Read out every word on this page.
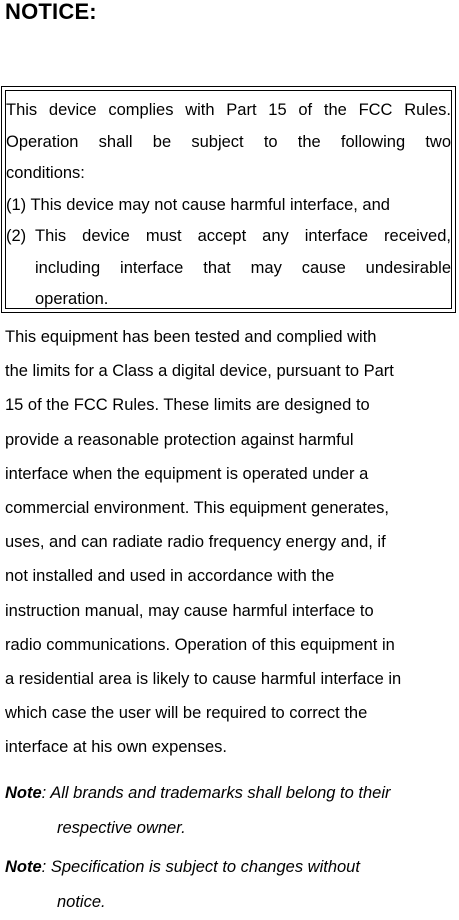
NOTICE:

This device complies with Part 15 of the FCC Rules.

Operation shall be subject to the following two

conditions:

(1) This device may not cause harmful interface, and

(2) This device must accept any interface received,

including interface that may cause undesirable

operation.

This equipment has been tested and complied with
the limits for a Class a digital device, pursuant to Part
15 of the FCC Rules. These limits are designed to
provide a reasonable protection against harmful
interface when the equipment is operated under a
commercial environment. This equipment generates,
uses, and can radiate radio frequency energy and, if
not installed and used in accordance with the
instruction manual, may cause harmful interface to
radio communications. Operation of this equipment in
a residential area is likely to cause harmful interface in
which case the user will be required to correct the
interface at his own expenses.
Note: All brands and trademarks shall belong to their
respective owner.
Note: Specification is subject to changes without
notice.
